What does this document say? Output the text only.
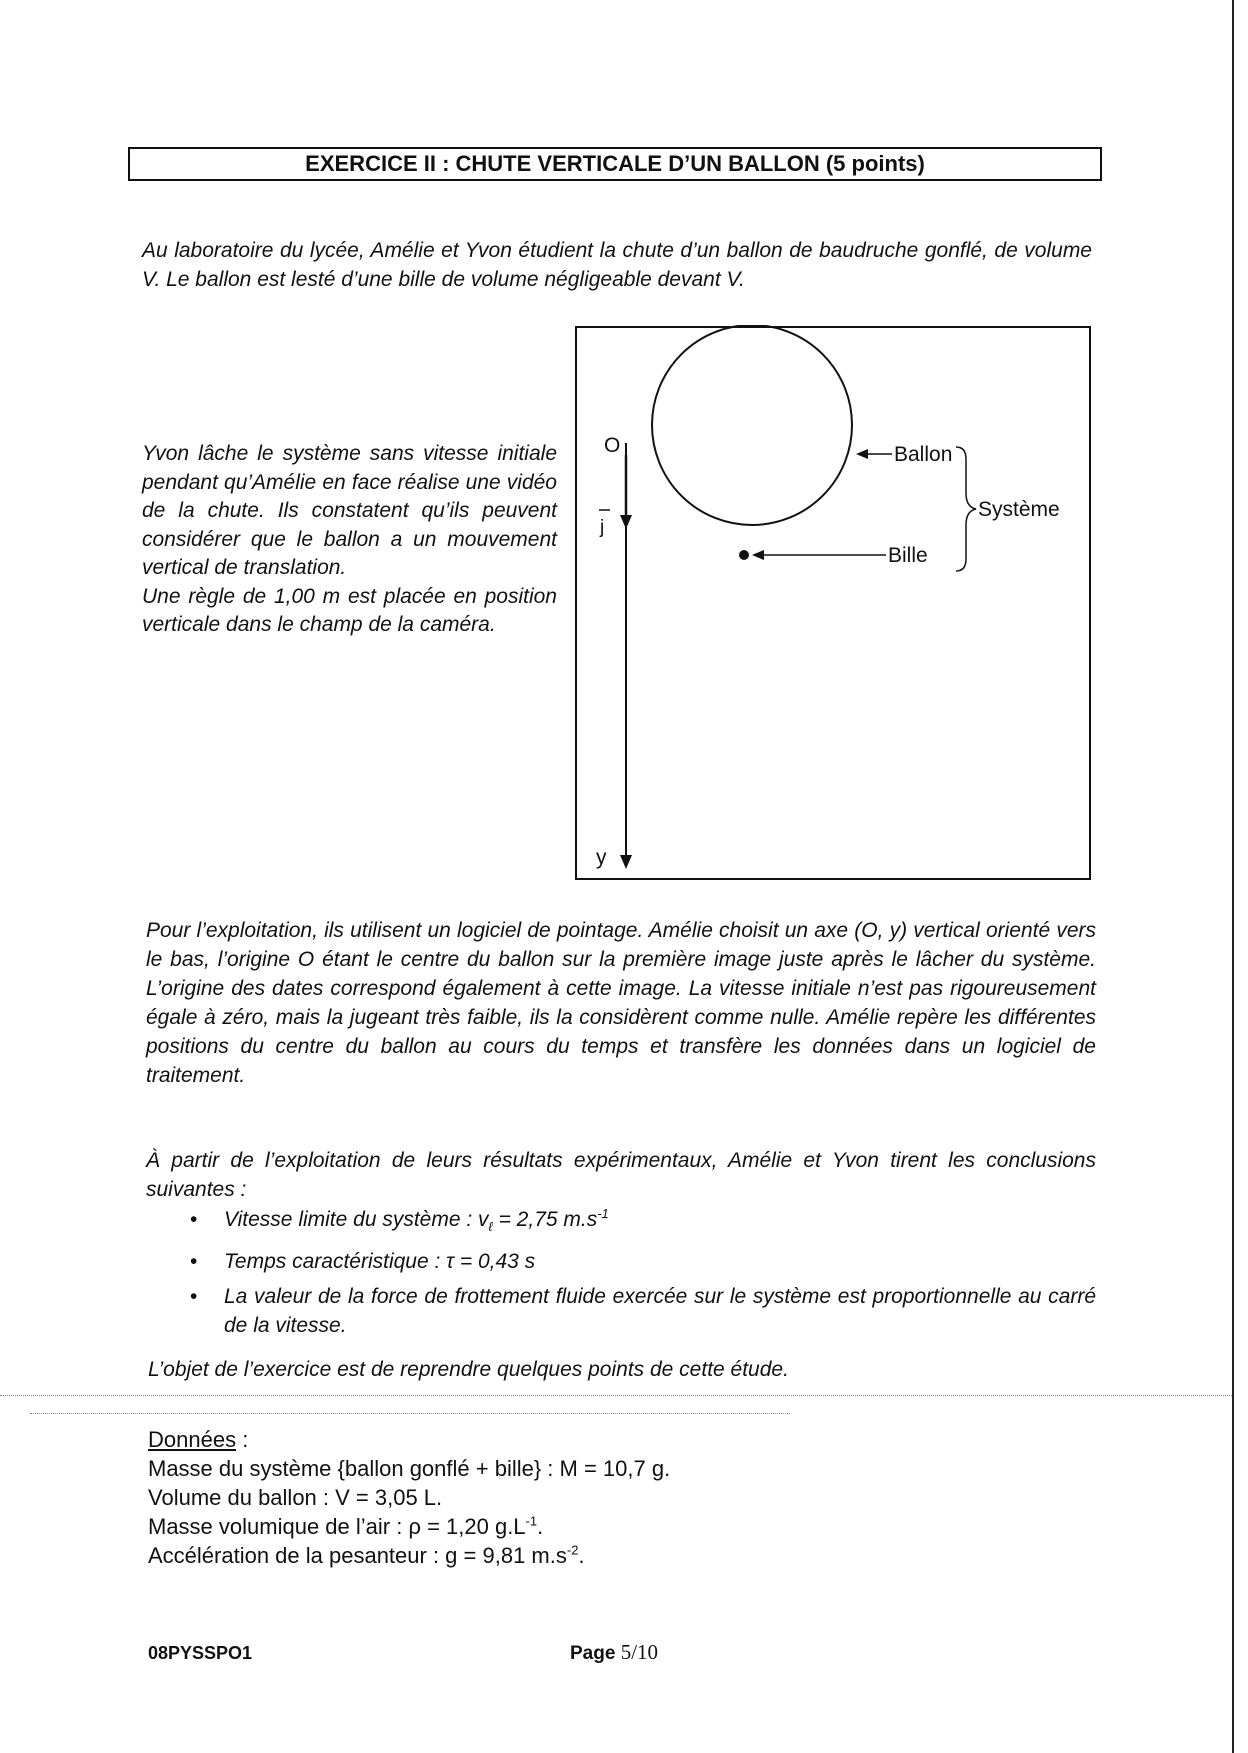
EXERCICE II : CHUTE VERTICALE D’UN BALLON (5 points)
Au laboratoire du lycée, Amélie et Yvon étudient la chute d’un ballon de baudruche gonflé, de volume V. Le ballon est lesté d’une bille de volume négligeable devant V.

Yvon lâche le système sans vitesse initiale pendant qu’Amélie en face réalise une vidéo de la chute. Ils constatent qu’ils peuvent considérer que le ballon a un mouvement vertical de translation.

Une règle de 1,00 m est placée en position verticale dans le champ de la caméra.

O
y
j
Ballon
Bille
Système
Pour l’exploitation, ils utilisent un logiciel de pointage. Amélie choisit un axe (O, y) vertical orienté vers le bas, l’origine O étant le centre du ballon sur la première image juste après le lâcher du système. L’origine des dates correspond également à cette image. La vitesse initiale n’est pas rigoureusement égale à zéro, mais la jugeant très faible, ils la considèrent comme nulle. Amélie repère les différentes positions du centre du ballon au cours du temps et transfère les données dans un logiciel de traitement.
À partir de l’exploitation de leurs résultats expérimentaux, Amélie et Yvon tirent les conclusions suivantes :
• Vitesse limite du système : $v_\ell = 2,75$ $m.s^{-1}$
• Temps caractéristique : τ = 0,43 s
• La valeur de la force de frottement fluide exercée sur le système est proportionnelle au carré de la vitesse.
L’objet de l’exercice est de reprendre quelques points de cette étude.
Données :
Masse du système {ballon gonflé + bille} : M = 10,7 g.
Volume du ballon : V = 3,05 L.
Masse volumique de l’air : ρ = 1,20 $g.L^{-1}$.
Accélération de la pesanteur : g = 9,81 $m.s^{-2}$.
08PYSSPO1	Page 5/10
